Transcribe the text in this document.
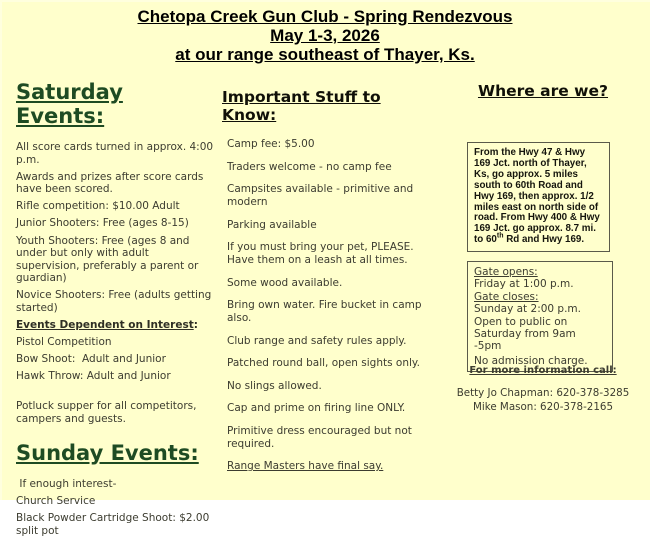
Chetopa Creek Gun Club - Spring Rendezvous
May 1-3, 2026
at our range southeast of Thayer, Ks.
Saturday Events:

All score cards turned in approx. 4:00 p.m.

Awards and prizes after score cards have been scored.

Rifle competition: $10.00 Adult

Junior Shooters: Free (ages 8-15)

Youth Shooters: Free (ages 8 and under but only with adult supervision, preferably a parent or guardian)

Novice Shooters: Free (adults getting started)

Events Dependent on Interest:

Pistol Competition

Bow Shoot:  Adult and Junior

Hawk Throw: Adult and Junior

Potluck supper for all competitors, campers and guests.

Sunday Events:

If enough interest-

Church Service

Black Powder Cartridge Shoot: $2.00 split pot

Important Stuff to Know:

Camp fee: $5.00

Traders welcome - no camp fee

Campsites available - primitive and modern

Parking available

If you must bring your pet, PLEASE. Have them on a leash at all times.

Some wood available.

Bring own water. Fire bucket in camp also.

Club range and safety rules apply.

Patched round ball, open sights only.

No slings allowed.

Cap and prime on firing line ONLY.

Primitive dress encouraged but not required.

Range Masters have final say.

Where are we?
From the Hwy 47 & Hwy 169 Jct. north of Thayer, Ks, go approx. 5 miles south to 60th Road and Hwy 169, then approx. 1/2 miles east on north side of road. From Hwy 400 & Hwy 169 Jct. go approx. 8.7 mi. to 60th Rd and Hwy 169.
Gate opens:
Friday at 1:00 p.m.
Gate closes:
Sunday at 2:00 p.m.
Open to public on
Saturday from 9am -5pm
No admission charge.

For more information call:

Betty Jo Chapman: 620-378-3285

Mike Mason: 620-378-2165
